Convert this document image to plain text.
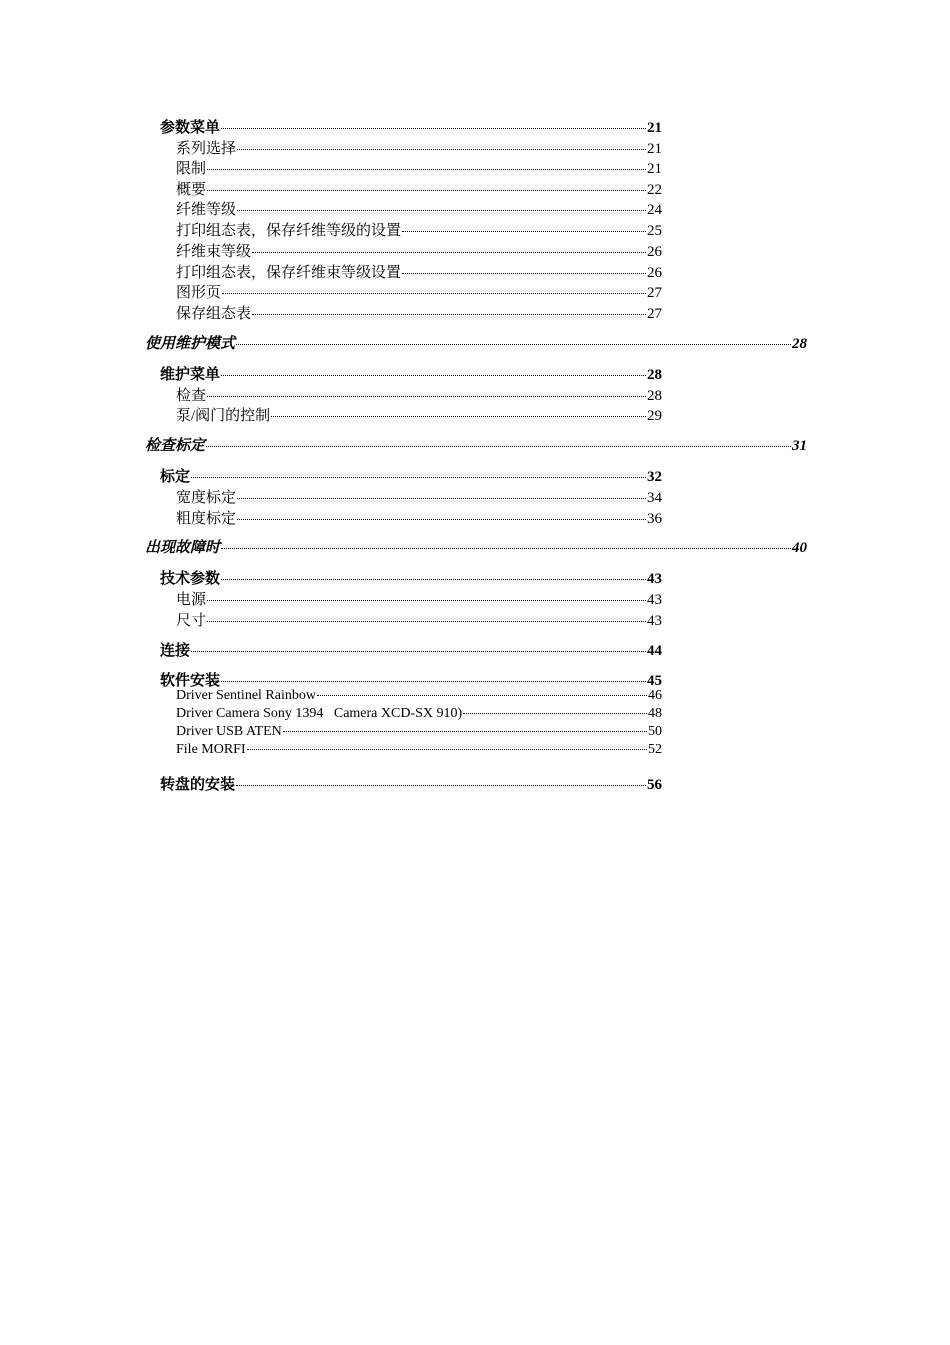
参数菜单	21
系列选择	21
限制	21
概要	22
纤维等级	24
打印组态表，保存纤维等级的设置	25
纤维束等级	26
打印组态表，保存纤维束等级设置	26
图形页	27
保存组态表	27
使用维护模式	28
维护菜单	28
检查	28
泵/阀门的控制	29
检查标定	31
标定	32
宽度标定	34
粗度标定	36
出现故障时	40
技术参数	43
电源	43
尺寸	43
连接	44
软件安装	45
Driver Sentinel Rainbow	46
Driver Camera Sony 1394   Camera XCD-SX 910)	48
Driver USB ATEN	50
File MORFI	52
转盘的安装	56
